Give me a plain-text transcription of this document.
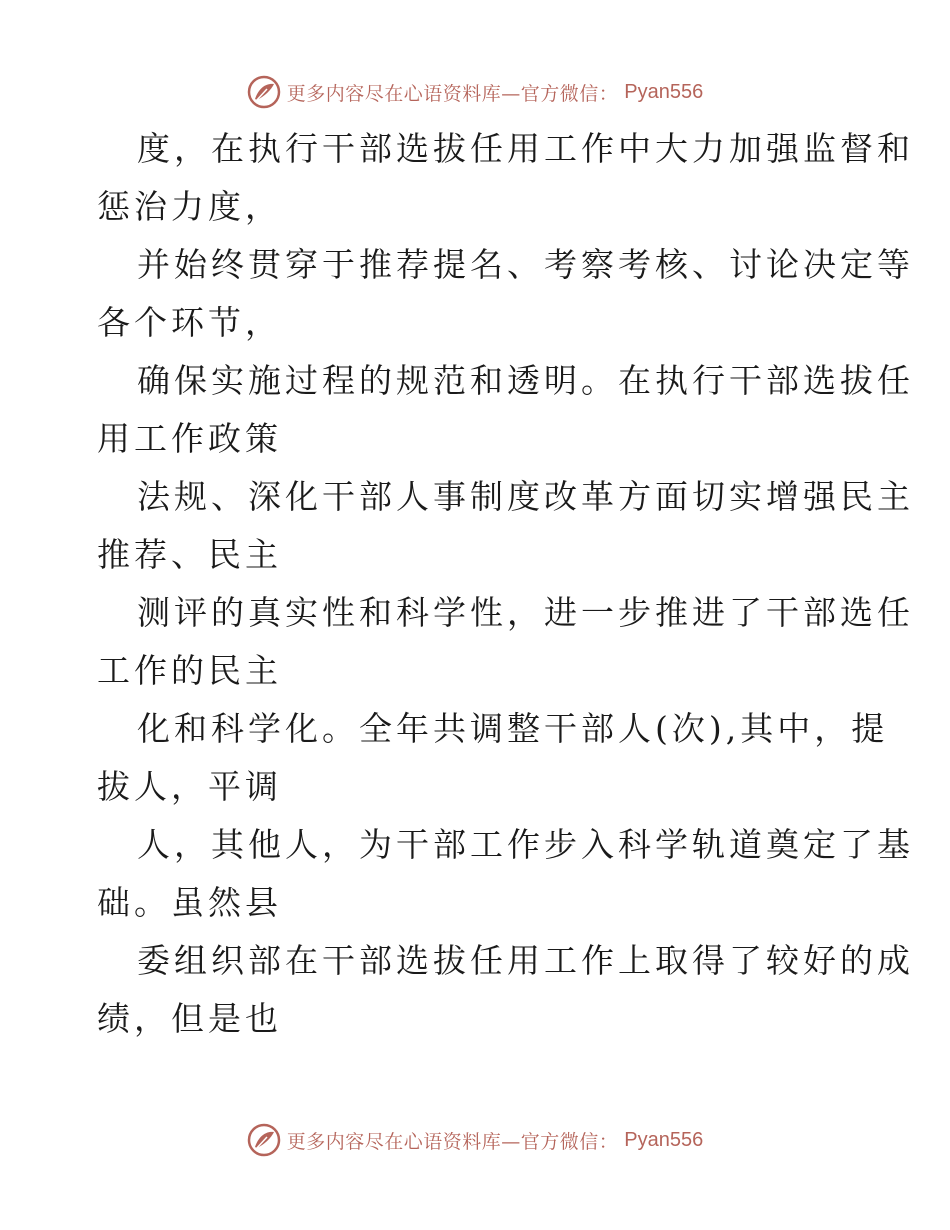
更多内容尽在心语资料库—官方微信： Pyan556

度，在执行干部选拔任用工作中大力加强监督和
惩治力度，

并始终贯穿于推荐提名、考察考核、讨论决定等
各个环节，

确保实施过程的规范和透明。在执行干部选拔任
用工作政策

法规、深化干部人事制度改革方面切实增强民主
推荐、民主

测评的真实性和科学性，进一步推进了干部选任
工作的民主

化和科学化。全年共调整干部人(次),其中，提
拔人，平调

人，其他人，为干部工作步入科学轨道奠定了基
础。虽然县

委组织部在干部选拔任用工作上取得了较好的成
绩，但是也

更多内容尽在心语资料库—官方微信： Pyan556
